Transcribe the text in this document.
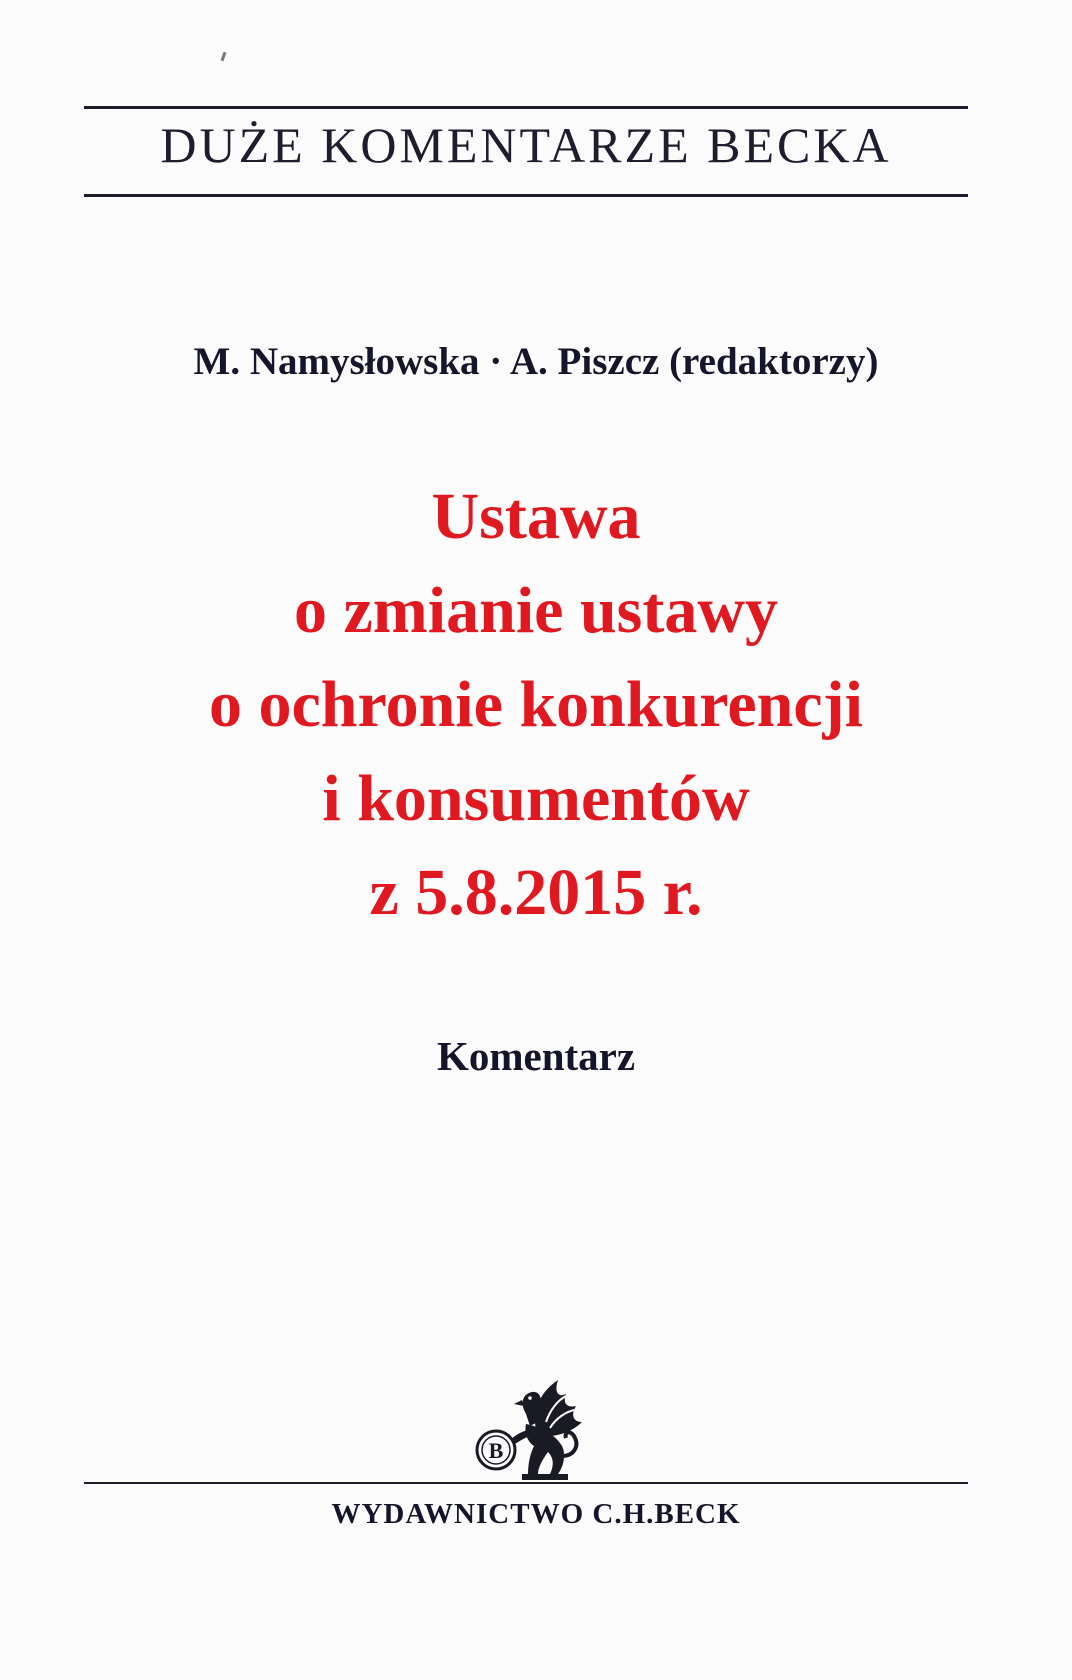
DUŻE KOMENTARZE BECKA
M. Namysłowska · A. Piszcz (redaktorzy)
Ustawa
o zmianie ustawy
o ochronie konkurencji
i konsumentów
z 5.8.2015 r.
Komentarz
B
WYDAWNICTWO C.H.BECK
